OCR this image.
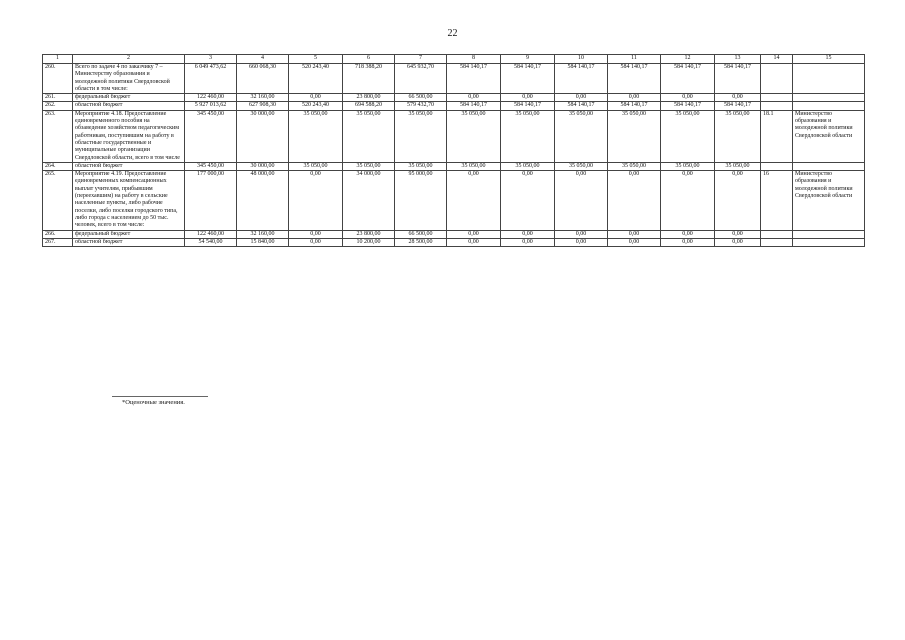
22
1	2	3	4	5	6	7	8	9	10	11	12	13	14	15
260.	Всего по задаче 4 по заказчику 7 – Министерству образования и молодежной политики Свердловской области в том числе:	6 049 473,62	660 068,30	520 243,40	718 388,20	645 932,70	584 140,17	584 140,17	584 140,17	584 140,17	584 140,17	584 140,17		
261.	федеральный бюджет	122 460,00	32 160,00	0,00	23 800,00	66 500,00	0,00	0,00	0,00	0,00	0,00	0,00		
262.	областной бюджет	5 927 013,62	627 908,30	520 243,40	694 588,20	579 432,70	584 140,17	584 140,17	584 140,17	584 140,17	584 140,17	584 140,17		
263.	Мероприятие 4.18. Предоставление единовременного пособия на обзаведение хозяйством педагогическим работникам, поступившим на работу в областные государственные и муниципальные организации Свердловской области, всего в том числе	345 450,00	30 000,00	35 050,00	35 050,00	35 050,00	35 050,00	35 050,00	35 050,00	35 050,00	35 050,00	35 050,00	18.1	Министерство образования и молодежной политики Свердловской области
264.	областной бюджет	345 450,00	30 000,00	35 050,00	35 050,00	35 050,00	35 050,00	35 050,00	35 050,00	35 050,00	35 050,00	35 050,00		
265.	Мероприятие 4.19. Предоставление единовременных компенсационных выплат учителям, прибывшим (переехавшим) на работу в сельские населенные пункты, либо рабочие поселки, либо поселки городского типа, либо города с населением до 50 тыс. человек, всего в том числе:	177 000,00	48 000,00	0,00	34 000,00	95 000,00	0,00	0,00	0,00	0,00	0,00	0,00	16	Министерство образования и молодежной политики Свердловской области
266.	федеральный бюджет	122 460,00	32 160,00	0,00	23 800,00	66 500,00	0,00	0,00	0,00	0,00	0,00	0,00		
267.	областной бюджет	54 540,00	15 840,00	0,00	10 200,00	28 500,00	0,00	0,00	0,00	0,00	0,00	0,00		
*Оценочные значения.
